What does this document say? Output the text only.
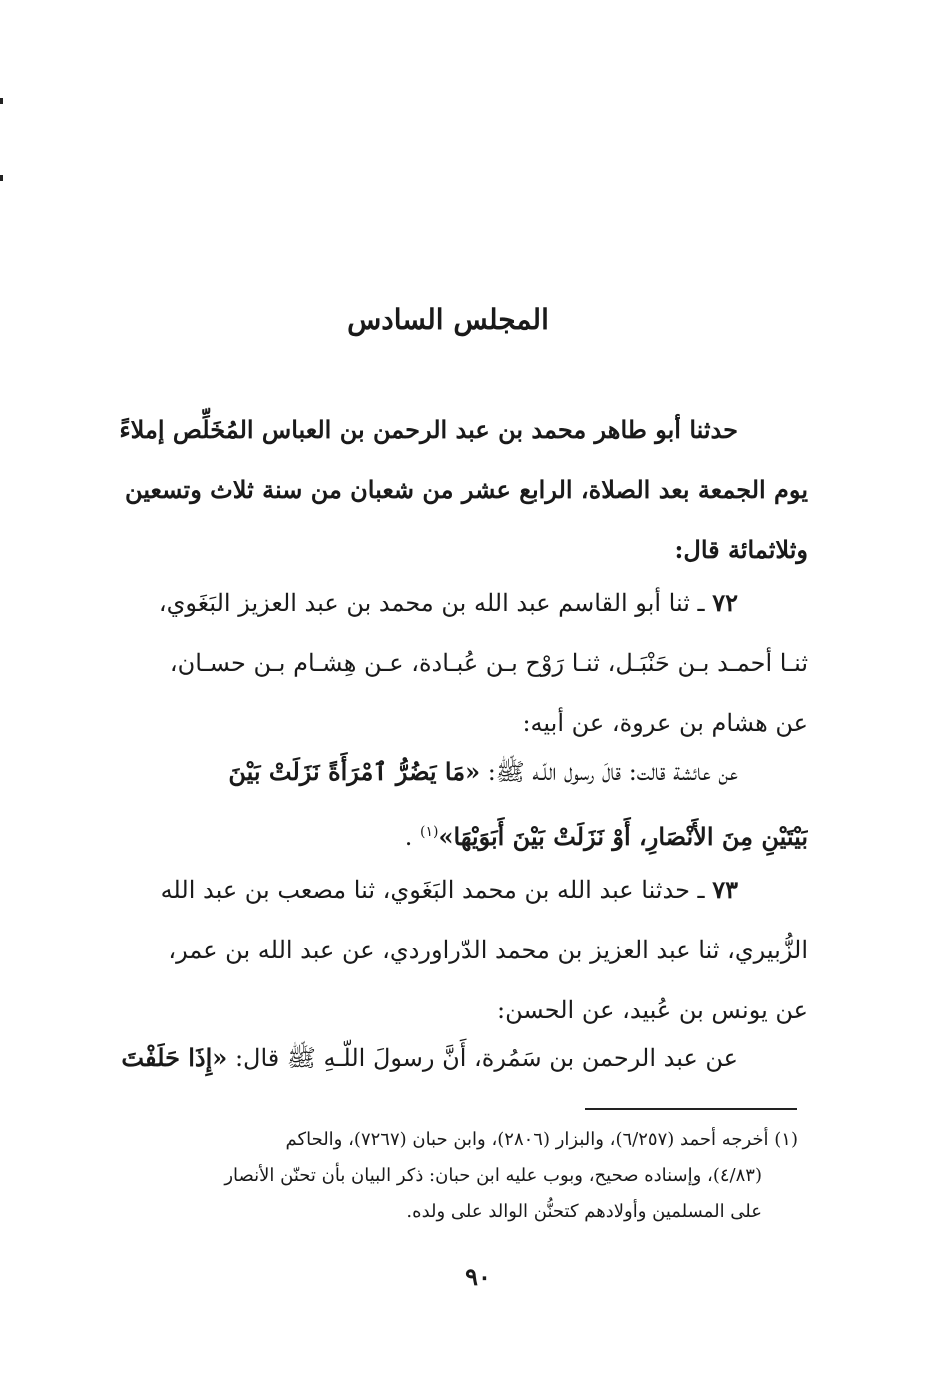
المجلس السادس
حدثنا أبو طاهر محمد بن عبد الرحمن بن العباس المُخَلِّص إملاءً
يوم الجمعة بعد الصلاة، الرابع عشر من شعبان من سنة ثلاث وتسعين
وثلاثمائة قال:
٧٢ ـ ثنا أبو القاسم عبد الله بن محمد بن عبد العزيز البَغَوي،
ثنـا أحمـد بـن حَنْبَـل، ثنـا رَوْح بـن عُبـادة، عـن هِشـام بـن حسـان،
عن هشام بن عروة، عن أبيه:
عن عائشة قالت: قالَ رسول اللّـه ﷺ: «مَا يَضُرُّ ٱمْرَأَةً نَزَلَتْ بَيْنَ
بَيْتَيْنِ مِنَ الأَنْصَارِ، أَوْ نَزَلَتْ بَيْنَ أَبَوَيْهَا»$^{(١)}$ .
٧٣ ـ حدثنا عبد الله بن محمد البَغَوي، ثنا مصعب بن عبد الله
الزُّبيري، ثنا عبد العزيز بن محمد الدّراوردي، عن عبد الله بن عمر،
عن يونس بن عُبيد، عن الحسن:
عن عبد الرحمن بن سَمُرة، أَنَّ رسولَ اللّـهِ ﷺ قال: «إِذَا حَلَفْتَ
(١) أخرجه أحمد (٦/٢٥٧)، والبزار (٢٨٠٦)، وابن حبان (٧٢٦٧)، والحاكم
(٤/٨٣)، وإسناده صحيح، وبوب عليه ابن حبان: ذكر البيان بأن تحنّن الأنصار
على المسلمين وأولادهم كتحنُّن الوالد على ولده.
٩٠
